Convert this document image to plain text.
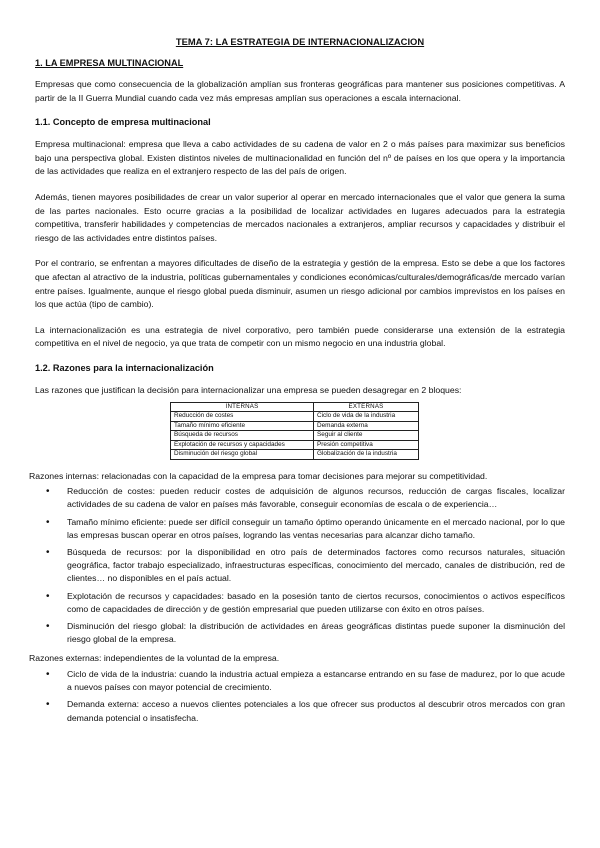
TEMA 7: LA ESTRATEGIA DE INTERNACIONALIZACION
1. LA EMPRESA MULTINACIONAL

Empresas que como consecuencia de la globalización amplían sus fronteras geográficas para mantener sus posiciones competitivas. A partir de la II Guerra Mundial cuando cada vez más empresas amplían sus operaciones a escala internacional.

1.1. Concepto de empresa multinacional

Empresa multinacional: empresa que lleva a cabo actividades de su cadena de valor en 2 o más países para maximizar sus beneficios bajo una perspectiva global. Existen distintos niveles de multinacionalidad en función del nº de países en los que opera y la importancia de las actividades que realiza en el extranjero respecto de las del país de origen.

Además, tienen mayores posibilidades de crear un valor superior al operar en mercado internacionales que el valor que genera la suma de las partes nacionales. Esto ocurre gracias a la posibilidad de localizar actividades en lugares adecuados para la estrategia competitiva, transferir habilidades y competencias de mercados nacionales a extranjeros, ampliar recursos y capacidades y distribuir el riesgo de las actividades entre distintos países.

Por el contrario, se enfrentan a mayores dificultades de diseño de la estrategia y gestión de la empresa. Esto se debe a que los factores que afectan al atractivo de la industria, políticas gubernamentales y condiciones económicas/culturales/demográficas/de mercado varían entre países. Igualmente, aunque el riesgo global pueda disminuir, asumen un riesgo adicional por cambios imprevistos en los países en los que actúa (tipo de cambio).

La internacionalización es una estrategia de nivel corporativo, pero también puede considerarse una extensión de la estrategia competitiva en el nivel de negocio, ya que trata de competir con un mismo negocio en una industria global.

1.2. Razones para la internacionalización

Las razones que justifican la decisión para internacionalizar una empresa se pueden desagregar en 2 bloques:

INTERNAS	EXTERNAS
Reducción de costes	Ciclo de vida de la industria
Tamaño mínimo eficiente	Demanda externa
Búsqueda de recursos	Seguir al cliente
Explotación de recursos y capacidades	Presión competitiva
Disminución del riesgo global	Globalización de la industria
Razones internas: relacionadas con la capacidad de la empresa para tomar decisiones para mejorar su competitividad.
• Reducción de costes: pueden reducir costes de adquisición de algunos recursos, reducción de cargas fiscales, localizar actividades de su cadena de valor en países más favorable, conseguir economías de escala o de experiencia…
• Tamaño mínimo eficiente: puede ser difícil conseguir un tamaño óptimo operando únicamente en el mercado nacional, por lo que las empresas buscan operar en otros países, logrando las ventas necesarias para alcanzar dicho tamaño.
• Búsqueda de recursos: por la disponibilidad en otro país de determinados factores como recursos naturales, situación geográfica, factor trabajo especializado, infraestructuras específicas, conocimiento del mercado, canales de distribución, red de clientes… no disponibles en el país actual.
• Explotación de recursos y capacidades: basado en la posesión tanto de ciertos recursos, conocimientos o activos específicos como de capacidades de dirección y de gestión empresarial que pueden utilizarse con éxito en otros países.
• Disminución del riesgo global: la distribución de actividades en áreas geográficas distintas puede suponer la disminución del riesgo global de la empresa.
Razones externas: independientes de la voluntad de la empresa.
• Ciclo de vida de la industria: cuando la industria actual empieza a estancarse entrando en su fase de madurez, por lo que acude a nuevos países con mayor potencial de crecimiento.
• Demanda externa: acceso a nuevos clientes potenciales a los que ofrecer sus productos al descubrir otros mercados con gran demanda potencial o insatisfecha.
